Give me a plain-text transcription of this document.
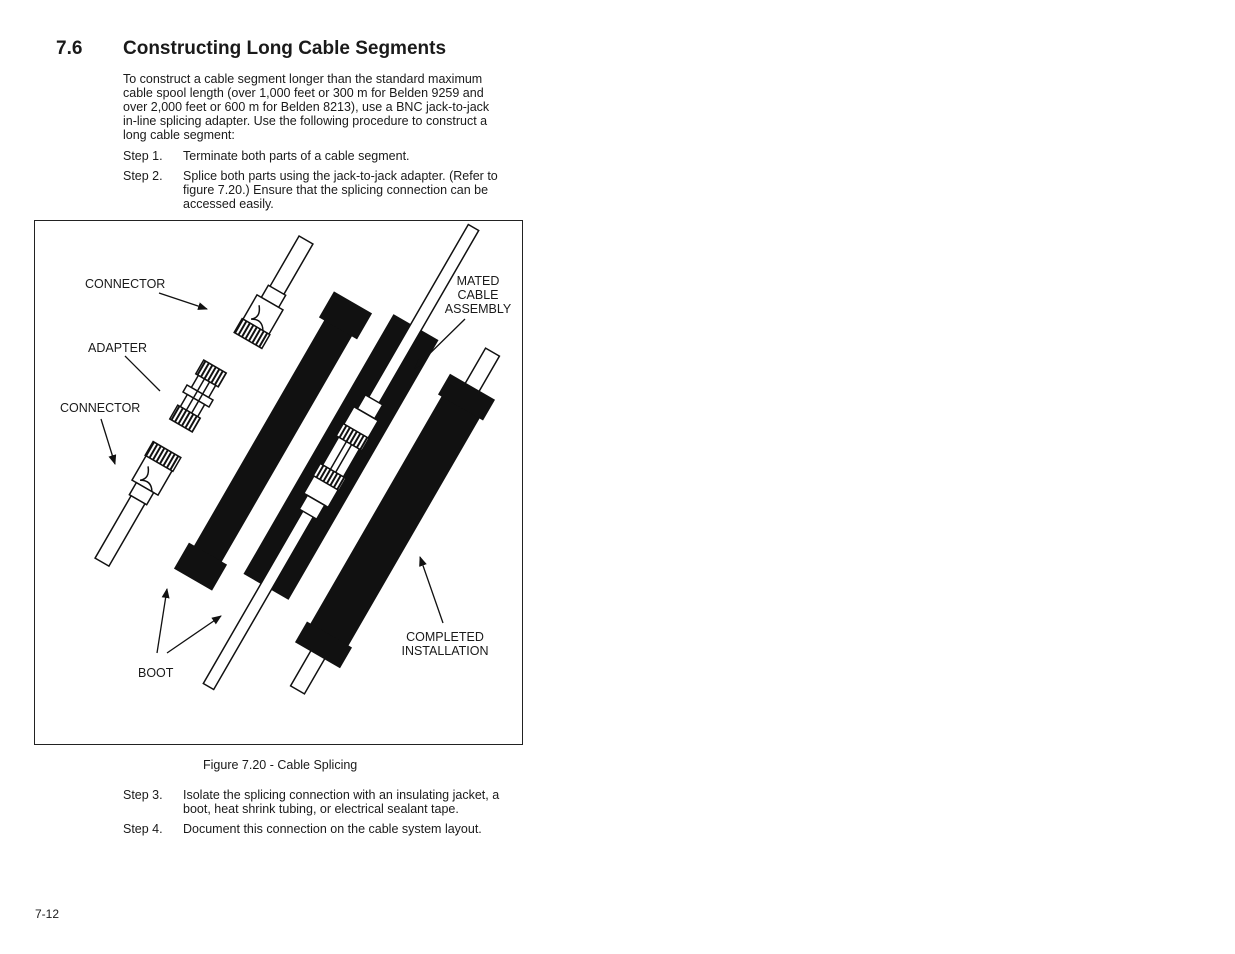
7.6 Constructing Long Cable Segments

To construct a cable segment longer than the standard maximum cable spool length (over 1,000 feet or 300 m for Belden 9259 and over 2,000 feet or 600 m for Belden 8213), use a BNC jack-to-jack in-line splicing adapter. Use the following procedure to construct a long cable segment:

Step 1. Terminate both parts of a cable segment.
Step 2. Splice both parts using the jack-to-jack adapter. (Refer to figure 7.20.) Ensure that the splicing connection can be accessed easily.
CONNECTOR
ADAPTER
CONNECTOR
BOOT
MATED
CABLE
ASSEMBLY
COMPLETED
INSTALLATION
Figure 7.20 - Cable Splicing
Step 3. Isolate the splicing connection with an insulating jacket, a boot, heat shrink tubing, or electrical sealant tape.
Step 4. Document this connection on the cable system layout.
7-12
